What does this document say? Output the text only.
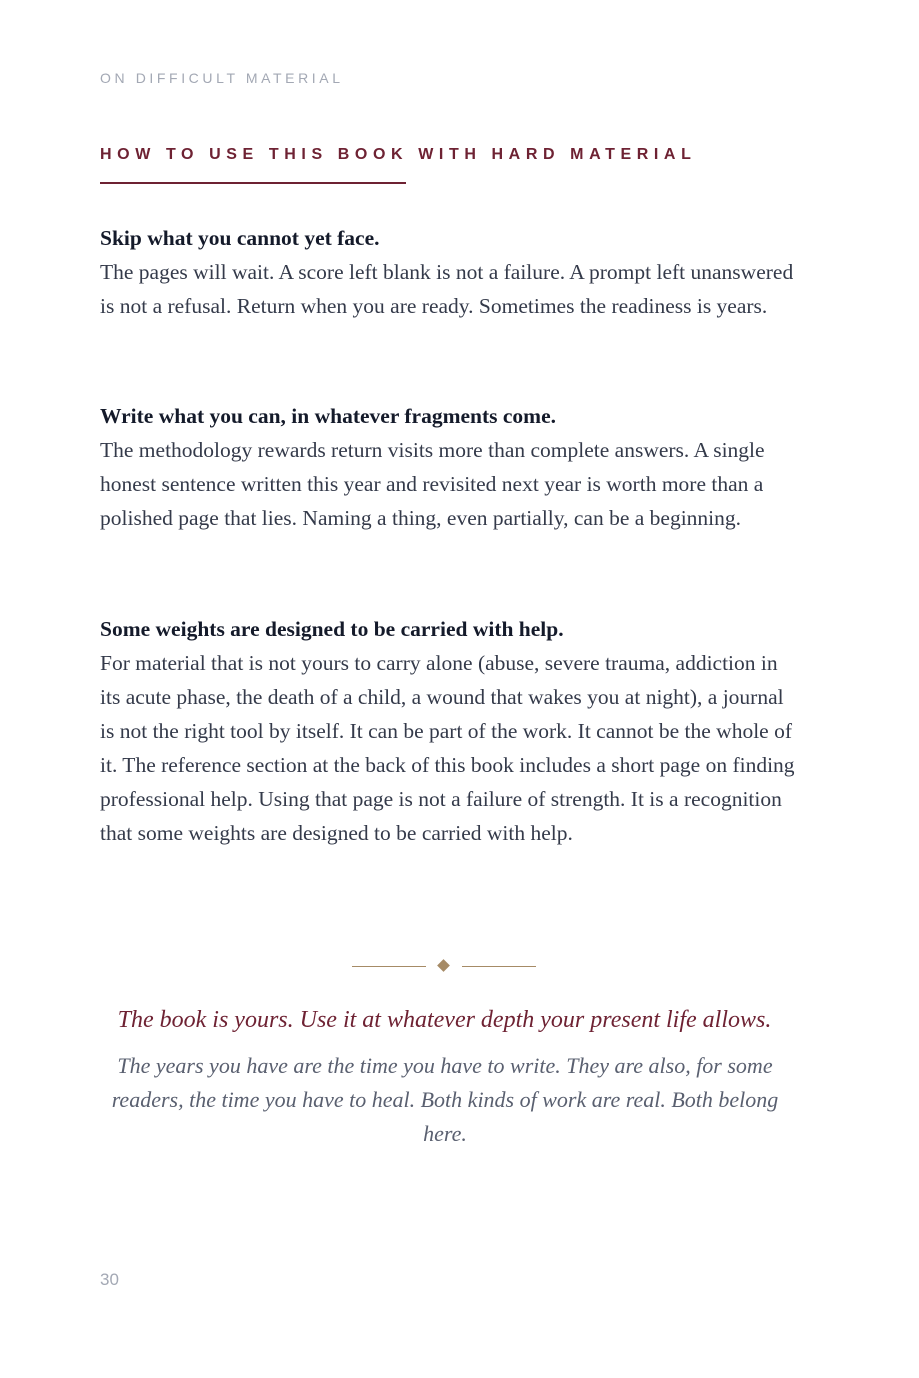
ON DIFFICULT MATERIAL
HOW TO USE THIS BOOK WITH HARD MATERIAL
Skip what you cannot yet face.
The pages will wait. A score left blank is not a failure. A prompt left unanswered is not a refusal. Return when you are ready. Sometimes the readiness is years.
Write what you can, in whatever fragments come.
The methodology rewards return visits more than complete answers. A single honest sentence written this year and revisited next year is worth more than a polished page that lies. Naming a thing, even partially, can be a beginning.
Some weights are designed to be carried with help.
For material that is not yours to carry alone (abuse, severe trauma, addiction in its acute phase, the death of a child, a wound that wakes you at night), a journal is not the right tool by itself. It can be part of the work. It cannot be the whole of it. The reference section at the back of this book includes a short page on finding professional help. Using that page is not a failure of strength. It is a recognition that some weights are designed to be carried with help.
The book is yours. Use it at whatever depth your present life allows.
The years you have are the time you have to write. They are also, for some readers, the time you have to heal. Both kinds of work are real. Both belong here.
30
